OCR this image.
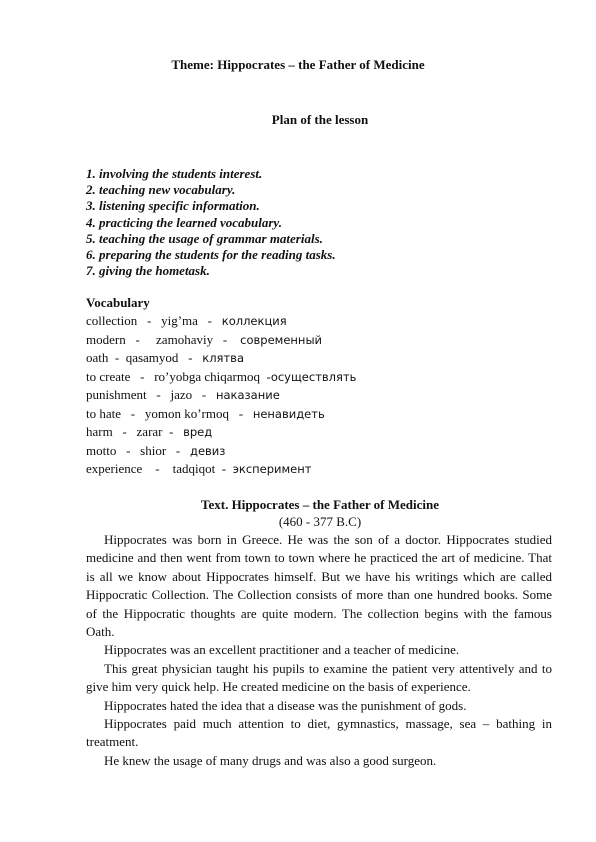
Theme: Hippocrates – the Father of Medicine
Plan of the lesson
1. involving the students interest.
2. teaching new vocabulary.
3. listening specific information.
4. practicing the learned vocabulary.
5. teaching the usage of grammar materials.
6. preparing the students for the reading tasks.
7. giving the hometask.
Vocabulary
collection   -   yig’ma   -   коллекция
modern   -     zamohaviy   -    современный
oath  -  qasamyod   -   клятва
to create   -   ro’yobga chiqarmoq  -осуществлять
punishment   -   jazo   -   наказание
to hate   -   yomon ko’rmoq   -   ненавидеть
harm   -   zarar  -   вред
motto   -   shior   -   девиз
experience    -    tadqiqot  -  эксперимент
Text. Hippocrates – the Father of Medicine
(460 - 377 B.C)

Hippocrates was born in Greece. He was the son of a doctor. Hippocrates studied medicine and then went from town to town where he practiced the art of medicine. That is all we know about Hippocrates himself. But we have his writings which are called Hippocratic Collection. The Collection consists of more than one hundred books. Some of the Hippocratic thoughts are quite modern. The collection begins with the famous Oath.

Hippocrates was an excellent practitioner and a teacher of medicine.

This great physician taught his pupils to examine the patient very attentively and to give him very quick help. He created medicine on the basis of experience.

Hippocrates hated the idea that a disease was the punishment of gods.

Hippocrates paid much attention to diet, gymnastics, massage, sea – bathing in treatment.

He knew the usage of many drugs and was also a good surgeon.
